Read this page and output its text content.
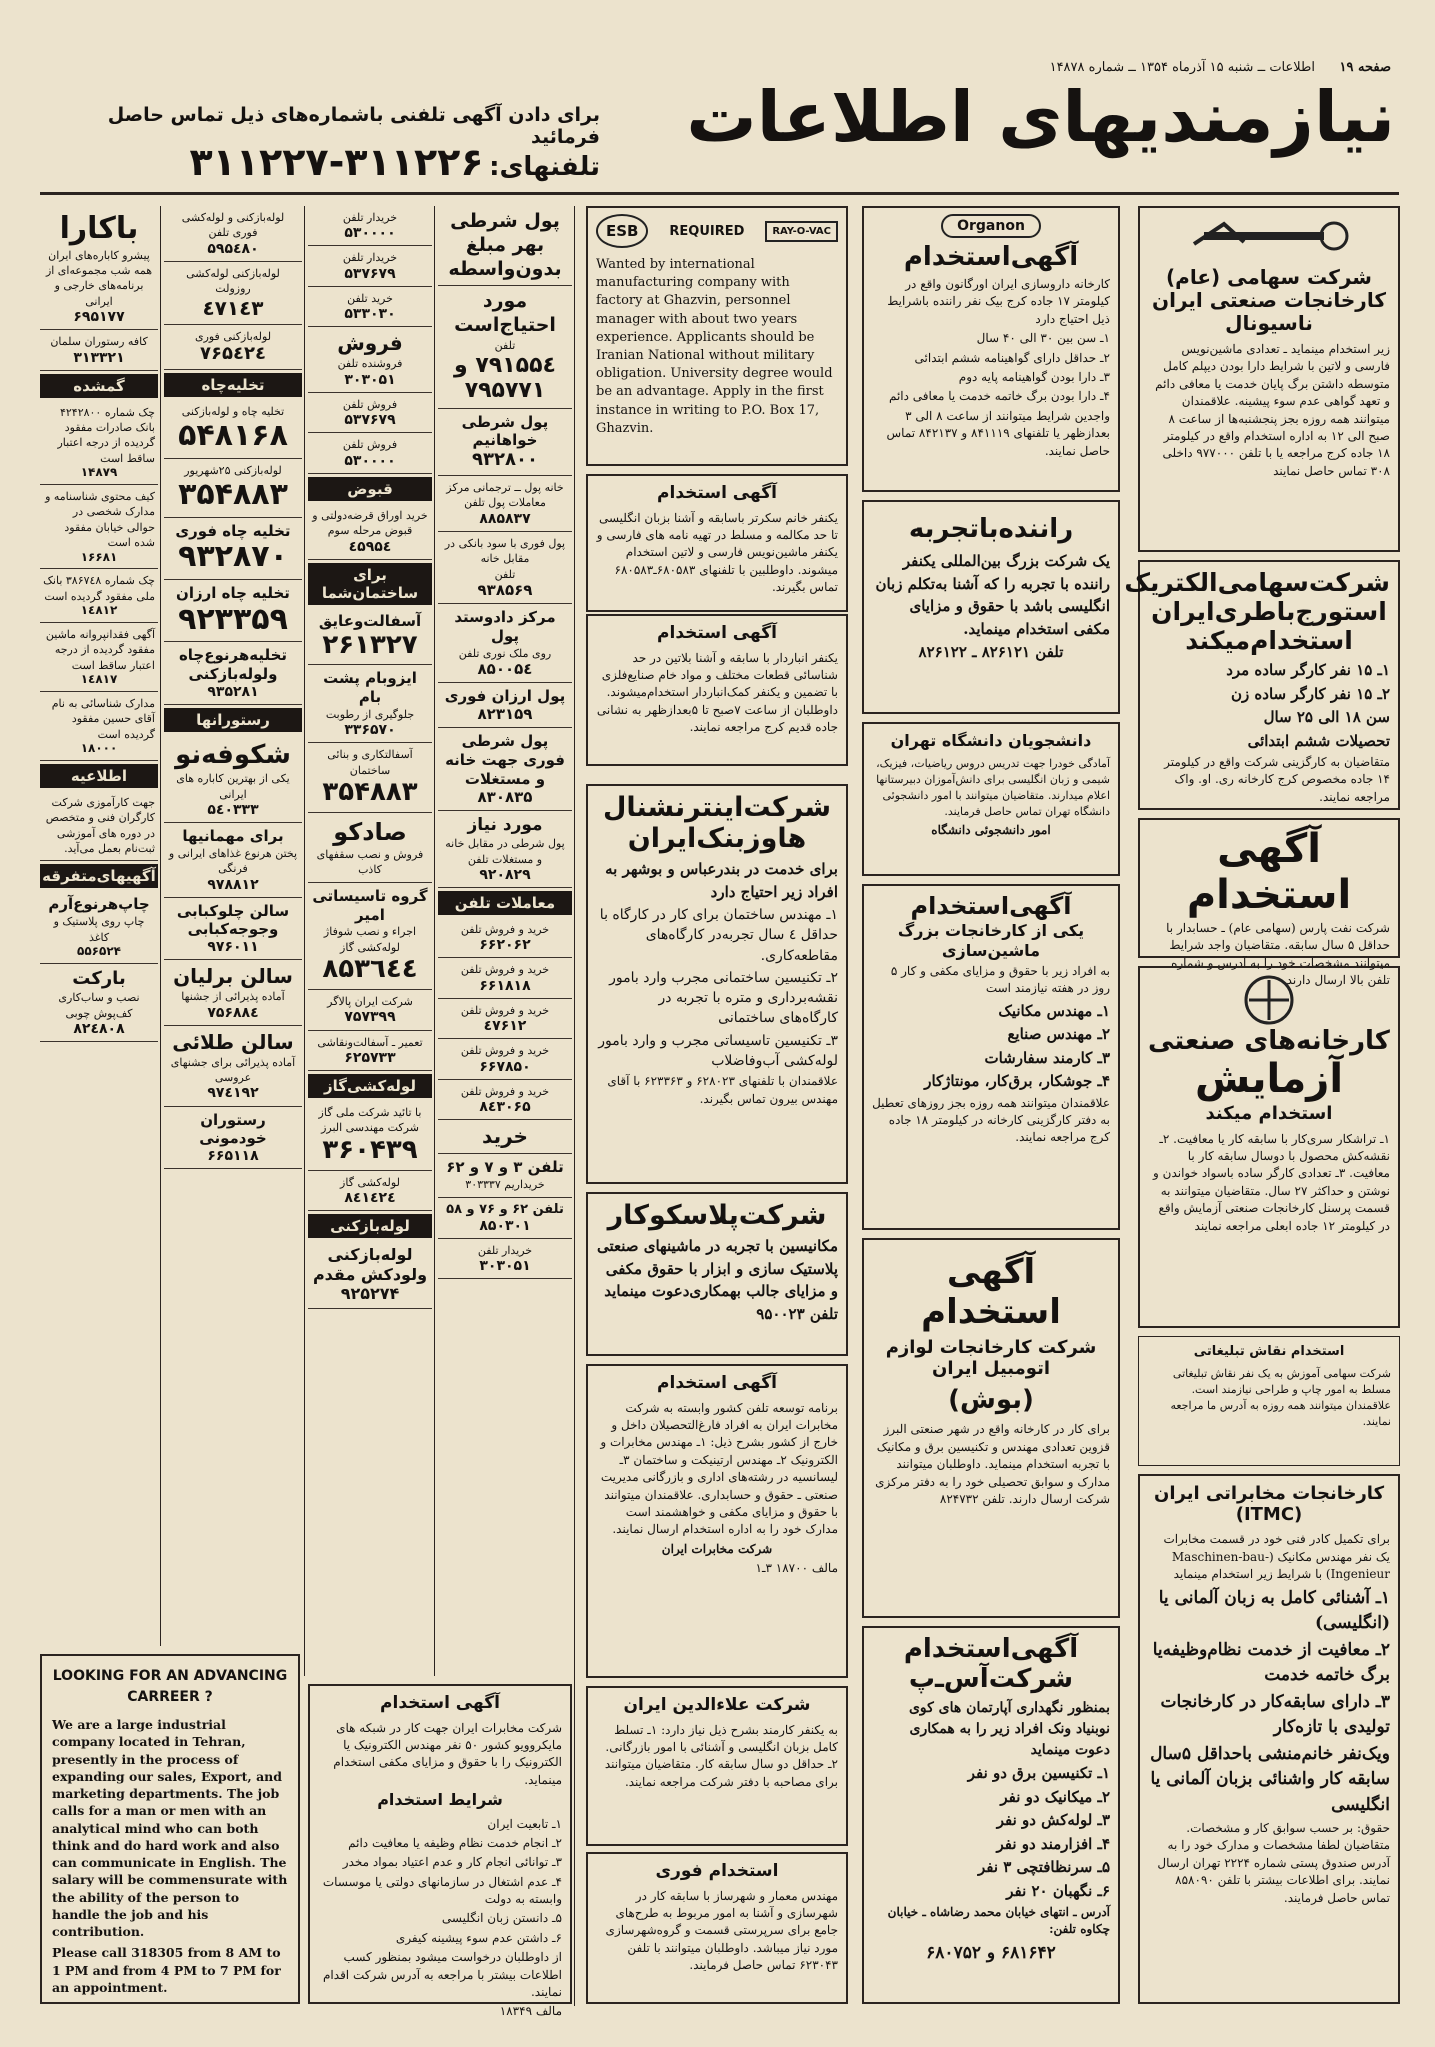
صفحه ۱۹
اطلاعات ــ شنبه ۱۵ آذرماه ۱۳۵۴ ــ شماره ۱۴۸۷۸
نیازمندیهای اطلاعات
برای دادن آگهی تلفنی باشماره‌های ذیل تماس حاصل فرمائید
تلفنهای: ۳۱۱۲۲۶-۳۱۱۲۲۷
شرکت سهامی (عام) کارخانجات صنعتی ایران ناسیونال
زیر استخدام مینماید ـ تعدادی ماشین‌نویس فارسی و لاتین با شرایط دارا بودن دیپلم کامل متوسطه داشتن برگ پایان خدمت یا معافی دائم و تعهد گواهی عدم سوء پیشینه. علاقمندان میتوانند همه روزه بجز پنجشنبه‌ها از ساعت ۸ صبح الی ۱۲ به اداره استخدام واقع در کیلومتر ۱۸ جاده کرج مراجعه یا با تلفن ۹۷۷۰۰۰ داخلی ۳۰۸ تماس حاصل نمایند
شرکت‌سهامی‌الکتریک
استورج‌باطری‌ایران
استخدام‌میکند
۱ـ ۱۵ نفر کارگر ساده مرد
۲ـ ۱۵ نفر کارگر ساده زن
سن ۱۸ الی ۲۵ سال
تحصیلات ششم ابتدائی
متقاضیان به کارگزینی شرکت واقع در کیلومتر ۱۴ جاده مخصوص کرج کارخانه ری. او. واک مراجعه نمایند.
آگهی استخدام
شرکت نفت پارس (سهامی عام) ـ حسابدار با حداقل ۵ سال سابقه. متقاضیان واجد شرایط میتوانند مشخصات خود را به آدرس و شماره تلفن بالا ارسال دارند
کارخانه‌های صنعتی
آزمایش
استخدام میکند
۱ـ تراشکار سری‌کار با سابقه کار یا معافیت. ۲ـ نقشه‌کش محصول با دوسال سابقه کار با معافیت. ۳ـ تعدادی کارگر ساده باسواد خواندن و نوشتن و حداکثر ۲۷ سال. متقاضیان میتوانند به قسمت پرسنل کارخانجات صنعتی آزمایش واقع در کیلومتر ۱۲ جاده ابعلی مراجعه نمایند
استخدام نقاش تبلیغاتی
شرکت سهامی آموزش به یک نفر نقاش تبلیغاتی مسلط به امور چاپ و طراحی نیازمند است. علاقمندان میتوانند همه روزه به آدرس ما مراجعه نمایند.
کارخانجات مخابراتی ایران (ITMC)
برای تکمیل کادر فنی خود در قسمت مخابرات یک نفر مهندس مکانیک (Maschinen-bau-Ingenieur) با شرایط زیر استخدام مینماید
۱ـ آشنائی کامل به زبان آلمانی یا (انگلیسی)
۲ـ معافیت از خدمت نظام‌وظیفه‌یا برگ خاتمه خدمت
۳ـ دارای سابقه‌کار در کارخانجات تولیدی با تازه‌کار
ویک‌نفر خانم‌منشی باحداقل ۵سال سابقه کار واشنائی بزبان آلمانی یا انگلیسی
حقوق: بر حسب سوابق کار و مشخصات. متقاضیان لطفا مشخصات و مدارک خود را به آدرس صندوق پستی شماره ۲۲۲۴ تهران ارسال نمایند. برای اطلاعات بیشتر با تلفن ۸۵۸۰۹۰ تماس حاصل فرمایند.
Organon
آگهی‌استخدام
کارخانه داروسازی ایران اورگانون واقع در کیلومتر ۱۷ جاده کرج بیک نفر راننده باشرایط ذیل احتیاج دارد
۱ـ سن بین ۳۰ الی ۴۰ سال
۲ـ حداقل دارای گواهینامه ششم ابتدائی
۳ـ دارا بودن گواهینامه پایه دوم
۴ـ دارا بودن برگ خاتمه خدمت یا معافی دائم
واجدین شرایط میتوانند از ساعت ۸ الی ۳ بعدازظهر یا تلفنهای ۸۴۱۱۱۹ و ۸۴۲۱۳۷ تماس حاصل نمایند.
راننده‌باتجربه
یک شرکت بزرگ بین‌المللی یکنفر راننده با تجربه را که آشنا به‌تکلم زبان انگلیسی باشد با حقوق و مزایای مکفی استخدام مینماید.
تلفن ۸۲۶۱۲۱ ـ ۸۲۶۱۲۲
دانشجویان دانشگاه تهران
آمادگی خودرا جهت تدریس دروس ریاضیات، فیزیک، شیمی و زبان انگلیسی برای دانش‌آموزان دبیرستانها اعلام میدارند. متقاضیان میتوانند با امور دانشجوئی دانشگاه تهران تماس حاصل فرمایند.
امور دانشجوئی دانشگاه
آگهی‌استخدام
یکی از کارخانجات بزرگ
ماشین‌سازی
به افراد زیر با حقوق و مزایای مکفی و کار ۵ روز در هفته نیازمند است
۱ـ مهندس مکانیک
۲ـ مهندس صنایع
۳ـ کارمند سفارشات
۴ـ جوشکار، برق‌کار، مونتاژکار
علاقمندان میتوانند همه روزه بجز روزهای تعطیل به دفتر کارگزینی کارخانه در کیلومتر ۱۸ جاده کرج مراجعه نمایند.
آگهی استخدام
شرکت کارخانجات لوازم اتومبیل ایران
(بوش)
برای کار در کارخانه واقع در شهر صنعتی البرز قزوین تعدادی مهندس و تکنیسین برق و مکانیک با تجربه استخدام مینماید. داوطلبان میتوانند مدارک و سوابق تحصیلی خود را به دفتر مرکزی شرکت ارسال دارند. تلفن ۸۲۴۷۳۲
آگهی‌استخدام
شرکت‌آس‌ـ‌پ
بمنظور نگهداری آپارتمان های کوی نوبنیاد ونک افراد زیر را به همکاری دعوت مینماید
۱ـ تکنیسین برق دو نفر
۲ـ میکانیک دو نفر
۳ـ لوله‌کش دو نفر
۴ـ افزارمند دو نفر
۵ـ سرنظافتچی ۳ نفر
۶ـ نگهبان ۲۰ نفر
آدرس ـ انتهای خیابان محمد رضاشاه ـ خیابان چکاوه تلفن:
۶۸۱۶۴۲ و ۶۸۰۷۵۲
ESB	REQUIRED	RAY-O-VAC
Wanted by international manufacturing company with factory at Ghazvin, personnel manager with about two years experience. Applicants should be Iranian National without military obligation. University degree would be an advantage. Apply in the first instance in writing to P.O. Box 17, Ghazvin.
آگهی استخدام
یکنفر خانم سکرتر باسابقه و آشنا بزبان انگلیسی تا حد مکالمه و مسلط در تهیه نامه های فارسی و یکنفر ماشین‌نویس فارسی و لاتین استخدام میشوند. داوطلبین با تلفنهای ۶۸۰۵۸۳ـ۶۸۰۵۸۳ تماس بگیرند.
آگهی استخدام
یکنفر انباردار با سابقه و آشنا بلاتین در حد شناسائی قطعات مختلف و مواد خام صنایع‌فلزی با تضمین و یکنفر کمک‌انباردار استخدام‌میشوند. داوطلبان از ساعت ۷صبح تا ۵بعدازظهر به نشانی جاده قدیم کرج مراجعه نمایند.
شرکت‌اینترنشنال
هاوزبنک‌ایران
برای خدمت در بندرعباس و بوشهر به افراد زیر احتیاج دارد
۱ـ مهندس ساختمان برای کار در کارگاه با حداقل ٤ سال تجربه‌در کارگاه‌های مقاطعه‌کاری.
۲ـ تکنیسین ساختمانی مجرب وارد بامور نقشه‌برداری و متره با تجربه در کارگاه‌های ساختمانی
۳ـ تکنیسین تاسیساتی مجرب و وارد بامور لوله‌کشی آب‌وفاضلاب
علاقمندان با تلفنهای ۶۲۸۰۲۳ و ۶۲۳۳۶۳ با آقای مهندس بیرون تماس بگیرند.
شرکت‌پلاسکوکار
مکانیسین با تجربه در ماشینهای صنعتی پلاستیک سازی و ابزار با حقوق مکفی و مزایای جالب بهمکاری‌دعوت مینماید تلفن ۹۵۰۰۲۳
آگهی استخدام
برنامه توسعه تلفن کشور وابسته به شرکت مخابرات ایران به افراد فارغ‌التحصیلان داخل و خارج از کشور بشرح ذیل: ۱ـ مهندس مخابرات و الکترونیک ۲ـ مهندس ارتینیکت و ساختمان ۳ـ لیسانسیه در رشته‌های اداری و بازرگانی مدیریت صنعتی ـ حقوق و حسابداری. علاقمندان میتوانند با حقوق و مزایای مکفی و خواهشمند است مدارک خود را به اداره استخدام ارسال نمایند.
شرکت مخابرات ایران
مالف ۱۸۷۰۰ ۳ـ۱
شرکت علاءالدین ایران
به یکنفر کارمند بشرح ذیل نیاز دارد: ۱ـ تسلط کامل بزبان انگلیسی و آشنائی با امور بازرگانی. ۲ـ حداقل دو سال سابقه کار. متقاضیان میتوانند برای مصاحبه با دفتر شرکت مراجعه نمایند.
استخدام فوری
مهندس معمار و شهرساز با سابقه کار در شهرسازی و آشنا به امور مربوط به طرح‌های جامع برای سرپرستی قسمت و گروه‌شهرسازی مورد نیاز میباشد. داوطلبان میتوانند با تلفن ۶۲۳۰۴۳ تماس حاصل فرمایند.
پول شرطی بهر مبلغ بدون‌واسطه
مورد احتیاج‌است
تلفن
۷۹۱۵۵٤ و ۷۹۵۷۷۱
پول شرطی خواهانیم
۹۳۲۸۰۰
خانه پول ــ ترجمانی مرکز معاملات پول تلفن
۸۸۵۸۳۷
پول فوری با سود بانکی در مقابل خانه
تلفن
۹۳۸۵۶۹
مرکز دادوستد پول
روی ملک نوری تلفن
۸۵۰۰۵٤
پول ارزان فوری
۸۲۳۱۵۹
پول شرطی فوری جهت خانه و مستغلات
۸۳۰۸۳۵
مورد نیاز
پول شرطی در مقابل خانه و مستغلات تلفن
۹۲۰۸۲۹
معاملات تلفن
خرید و فروش تلفن
۶۶۲۰۶۲
خرید و فروش تلفن
۶۶۱۸۱۸
خرید و فروش تلفن
٤۷۶۱۲
خرید و فروش تلفن
۶۶۷۸۵۰
خرید و فروش تلفن
۸٤۳۰۶۵
خرید
تلفن ۳ و ۷ و ۶۲
خریداریم ۳۰۳۳۳۷
تلفن ۶۲ و ۷۶ و ۵۸
۸۵۰۳۰۱
خریدار تلفن
۳۰۳۰۵۱
خریدار تلفن
۵۳۰۰۰۰
خریدار تلفن
۵۳۷۶۷۹
خرید تلفن
۵۳۳۰۳۰
فروش
فروشنده تلفن
۳۰۳۰۵۱
فروش تلفن
۵۳۷۶۷۹
فروش تلفن
۵۳۰۰۰۰
قبوض
خرید اوراق قرضه‌دولتی و قبوض مرحله سوم
٤۵۹۵٤
برای ساختمان‌شما
آسفالت‌وعایق
۲۶۱۳۲۷
ایزوبام پشت بام
جلوگیری از رطوبت
۳۳۶۵۷۰
آسفالتکاری و بنائی ساختمان
۳۵۴۸۸۳
صادکو
فروش و نصب سقفهای کاذب
گروه تاسیساتی امیر
اجراء و نصب شوفاژ لوله‌کشی گاز
۸۵۳٦٤٤
شرکت ایران پالاگر
۷۵۷۳۹۹
تعمیر ـ آسفالت‌ونقاشی
۶۲۵۷۳۳
لوله‌کشی‌گاز
با تائید شرکت ملی گاز
شرکت مهندسی البرز
۳۶۰۴۳۹
لوله‌کشی گاز
۸٤۱٤۲٤
لوله‌بازکنی
لوله‌بازکنی ولودکش مقدم
۹۲۵۲۷۴
لوله‌بازکنی و لوله‌کشی
فوری تلفن
۵۹۵٤۸۰
لوله‌بازکنی لوله‌کشی روزولت
٤۷۱٤۳
لوله‌بازکنی فوری
۷۶۵٤۲٤
تخلیه‌چاه
تخلیه چاه و لوله‌بازکنی
۵۴۸۱۶۸
لوله‌بازکنی ۲۵شهریور
۳۵۴۸۸۳
تخلیه چاه فوری
۹۳۲۸۷۰
تخلیه چاه ارزان
۹۲۳۳۵۹
تخلیه‌هرنوع‌چاه ولوله‌بازکنی
۹۳۵۲۸۱
رستورانها
شکوفه‌نو
یکی از بهترین کاباره های ایرانی
۵٤۰۳۳۳
برای مهمانیها
پختن هرنوع غذاهای ایرانی و فرنگی
۹۷۸۸۱۲
سالن چلوکبابی وجوجه‌کبابی
۹۷۶۰۱۱
سالن برلیان
آماده پذیرائی از جشنها
۷۵۶۸۸٤
سالن طلائی
آماده پذیرائی برای جشنهای عروسی
۹۷٤۱۹۲
رستوران خودمونی
۶۶۵۱۱۸
باکارا
پیشرو کاباره‌های ایران همه شب مجموعه‌ای از برنامه‌های خارجی و ایرانی
۶۹۵۱۷۷
کافه رستوران سلمان
۳۱۳۳۲۱
گمشده
چک شماره ۴۲۴۲۸۰۰ بانک صادرات مفقود گردیده از درجه اعتبار ساقط است
۱۴۸۷۹
کیف محتوی شناسنامه و مدارک شخصی در حوالی خیابان مفقود شده است
۱۶۶۸۱
چک شماره ۳۸۶۷٤۸ بانک ملی مفقود گردیده است
۱٤۸۱۲
آگهی فقدانپروانه ماشین مفقود گردیده از درجه اعتبار ساقط است
۱٤۸۱۷
مدارک شناسائی به نام آقای حسین مفقود گردیده است
۱۸۰۰۰
اطلاعیه
جهت کارآموزی شرکت کارگران فنی و متخصص در دوره های آموزشی ثبت‌نام بعمل می‌آید.
آگهیهای‌متفرقه
چاپ‌هرنوع‌آرم
چاپ روی پلاستیک و کاغذ
۵۵۶۵۲۴
بارکت
نصب و ساب‌کاری کف‌پوش چوبی
۸۲٤۸۰۸
آگهی استخدام
شرکت مخابرات ایران جهت کار در شبکه های مایکروویو کشور ۵۰ نفر مهندس الکترونیک یا الکترونیک را با حقوق و مزایای مکفی استخدام مینماید.
شرایط استخدام
۱ـ تابعیت ایران
۲ـ انجام خدمت نظام وظیفه یا معافیت دائم
۳ـ توانائی انجام کار و عدم اعتیاد بمواد مخدر
۴ـ عدم اشتغال در سازمانهای دولتی یا موسسات وابسته به دولت
۵ـ دانستن زبان انگلیسی
۶ـ داشتن عدم سوء پیشینه کیفری
از داوطلبان درخواست میشود بمنظور کسب اطلاعات بیشتر با مراجعه به آدرس شرکت اقدام نمایند.
مالف ۱۸۳۴۹
LOOKING FOR AN ADVANCING CARREER ?
We are a large industrial company located in Tehran, presently in the process of expanding our sales, Export, and marketing departments. The job calls for a man or men with an analytical mind who can both think and do hard work and also can communicate in English. The salary will be commensurate with the ability of the person to handle the job and his contribution.
Please call 318305 from 8 AM to 1 PM and from 4 PM to 7 PM for an appointment.
